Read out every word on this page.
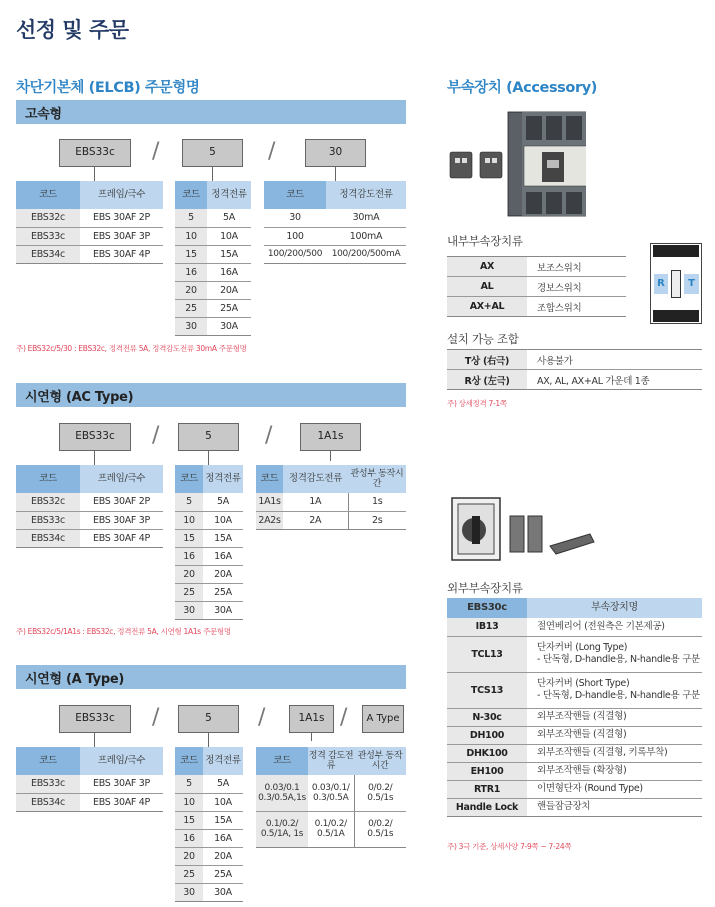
선정 및 주문
차단기본체 (ELCB) 주문형명
고속형
EBS33c	/	5	/	30
코드	프레임/극수
EBS32c	EBS 30AF 2P
EBS33c	EBS 30AF 3P
EBS34c	EBS 30AF 4P
코드	정격전류
5	5A
10	10A
15	15A
16	16A
20	20A
25	25A
30	30A
코드	정격감도전류
30	30mA
100	100mA
100/200/500	100/200/500mA
주) EBS32c/5/30 : EBS32c, 정격전류 5A, 정격감도전류 30mA 주문형명
시연형 (AC Type)
EBS33c	/	5	/	1A1s
코드	프레임/극수
EBS32c	EBS 30AF 2P
EBS33c	EBS 30AF 3P
EBS34c	EBS 30AF 4P
코드	정격전류
5	5A
10	10A
15	15A
16	16A
20	20A
25	25A
30	30A
코드	정격감도전류	관성부 동작시간
1A1s	1A	1s
2A2s	2A	2s
주) EBS32c/5/1A1s : EBS32c, 정격전류 5A, 시연형 1A1s 주문형명
시연형 (A Type)
EBS33c	/	5	/	1A1s /	A Type
코드	프레임/극수
EBS33c	EBS 30AF 3P
EBS34c	EBS 30AF 4P
코드	정격전류
5	5A
10	10A
15	15A
16	16A
20	20A
25	25A
30	30A
코드	정격 감도전류	관성부 동작시간
0.03/0.1 0.3/0.5A,1s	0.03/0.1/ 0.3/0.5A	0/0.2/ 0.5/1s
0.1/0.2/ 0.5/1A, 1s	0.1/0.2/ 0.5/1A	0/0.2/ 0.5/1s
부속장치 (Accessory)
내부부속장치류
AX	보조스위치
AL	경보스위치
AX+AL	조합스위치
R	T
설치 가능 조합
T상 (右극)	사용불가
R상 (左극)	AX, AL, AX+AL 가운데 1종
주) 상세정격 7-1쪽
외부부속장치류
EBS30c	부속장치명
IB13	절연베리어 (전원측은 기본제공)
TCL13	단자커버 (Long Type)
- 단독형, D-handle용, N-handle용 구분

TCS13	단자커버 (Short Type)
- 단독형, D-handle용, N-handle용 구분

N-30c	외부조작핸들 (직결형)
DH100	외부조작핸들 (직결형)
DHK100	외부조작핸들 (직결형, 키록부착)
EH100	외부조작핸들 (확장형)
RTR1	이면형단자 (Round Type)
Handle Lock	핸들잠금장치
주) 3극 기준, 상세사양 7-9쪽 ~ 7-24쪽
